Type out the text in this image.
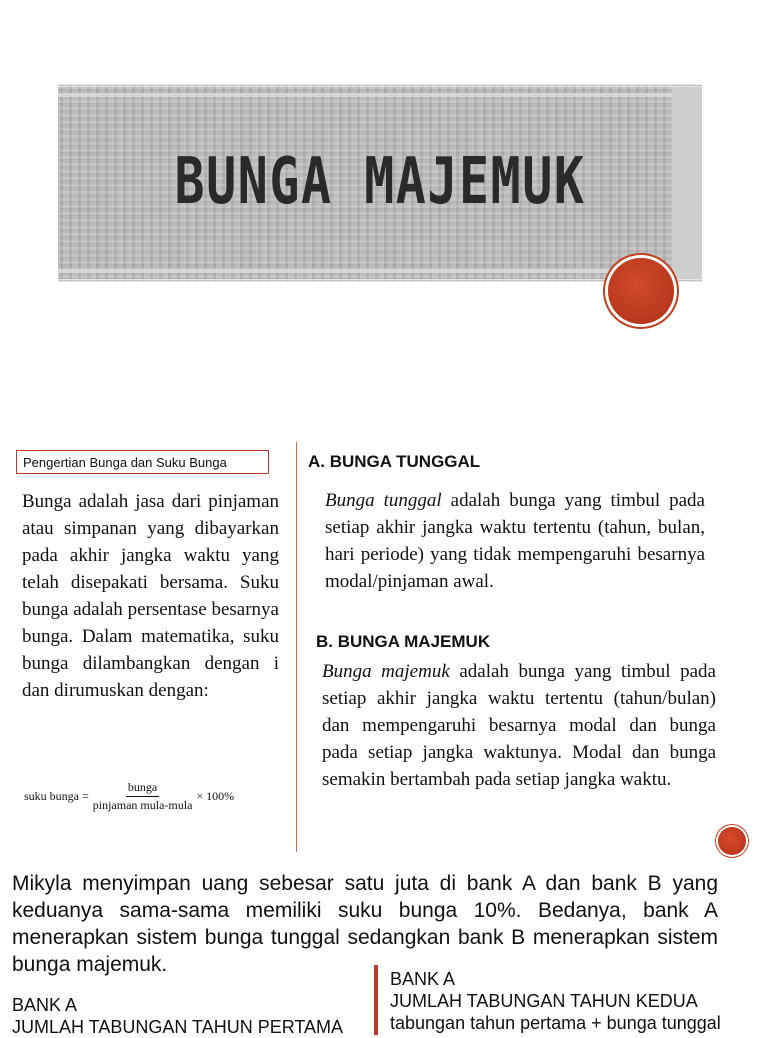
BUNGA MAJEMUK
Pengertian Bunga dan Suku Bunga
Bunga adalah jasa dari pinjaman atau simpanan yang dibayarkan pada akhir jangka waktu yang telah disepakati bersama. Suku bunga adalah persentase besarnya bunga. Dalam matematika, suku bunga dilambangkan dengan i dan dirumuskan dengan:
suku bunga = $\frac{\text{bunga}}{\text{pinjaman mula-mula}} \times 100\%$
A. BUNGA TUNGGAL
Bunga tunggal adalah bunga yang timbul pada setiap akhir jangka waktu tertentu (tahun, bulan, hari periode) yang tidak mempengaruhi besarnya modal/pinjaman awal.
B. BUNGA MAJEMUK
Bunga majemuk adalah bunga yang timbul pada setiap akhir jangka waktu tertentu (tahun/bulan) dan mempengaruhi besarnya modal dan bunga pada setiap jangka waktunya. Modal dan bunga semakin bertambah pada setiap jangka waktu.
Mikyla menyimpan uang sebesar satu juta di bank A dan bank B yang keduanya sama-sama memiliki suku bunga 10%. Bedanya, bank A menerapkan sistem bunga tunggal sedangkan bank B menerapkan sistem bunga majemuk.
BANK A
JUMLAH TABUNGAN TAHUN PERTAMA
BANK A
JUMLAH TABUNGAN TAHUN KEDUA
tabungan tahun pertama + bunga tunggal
